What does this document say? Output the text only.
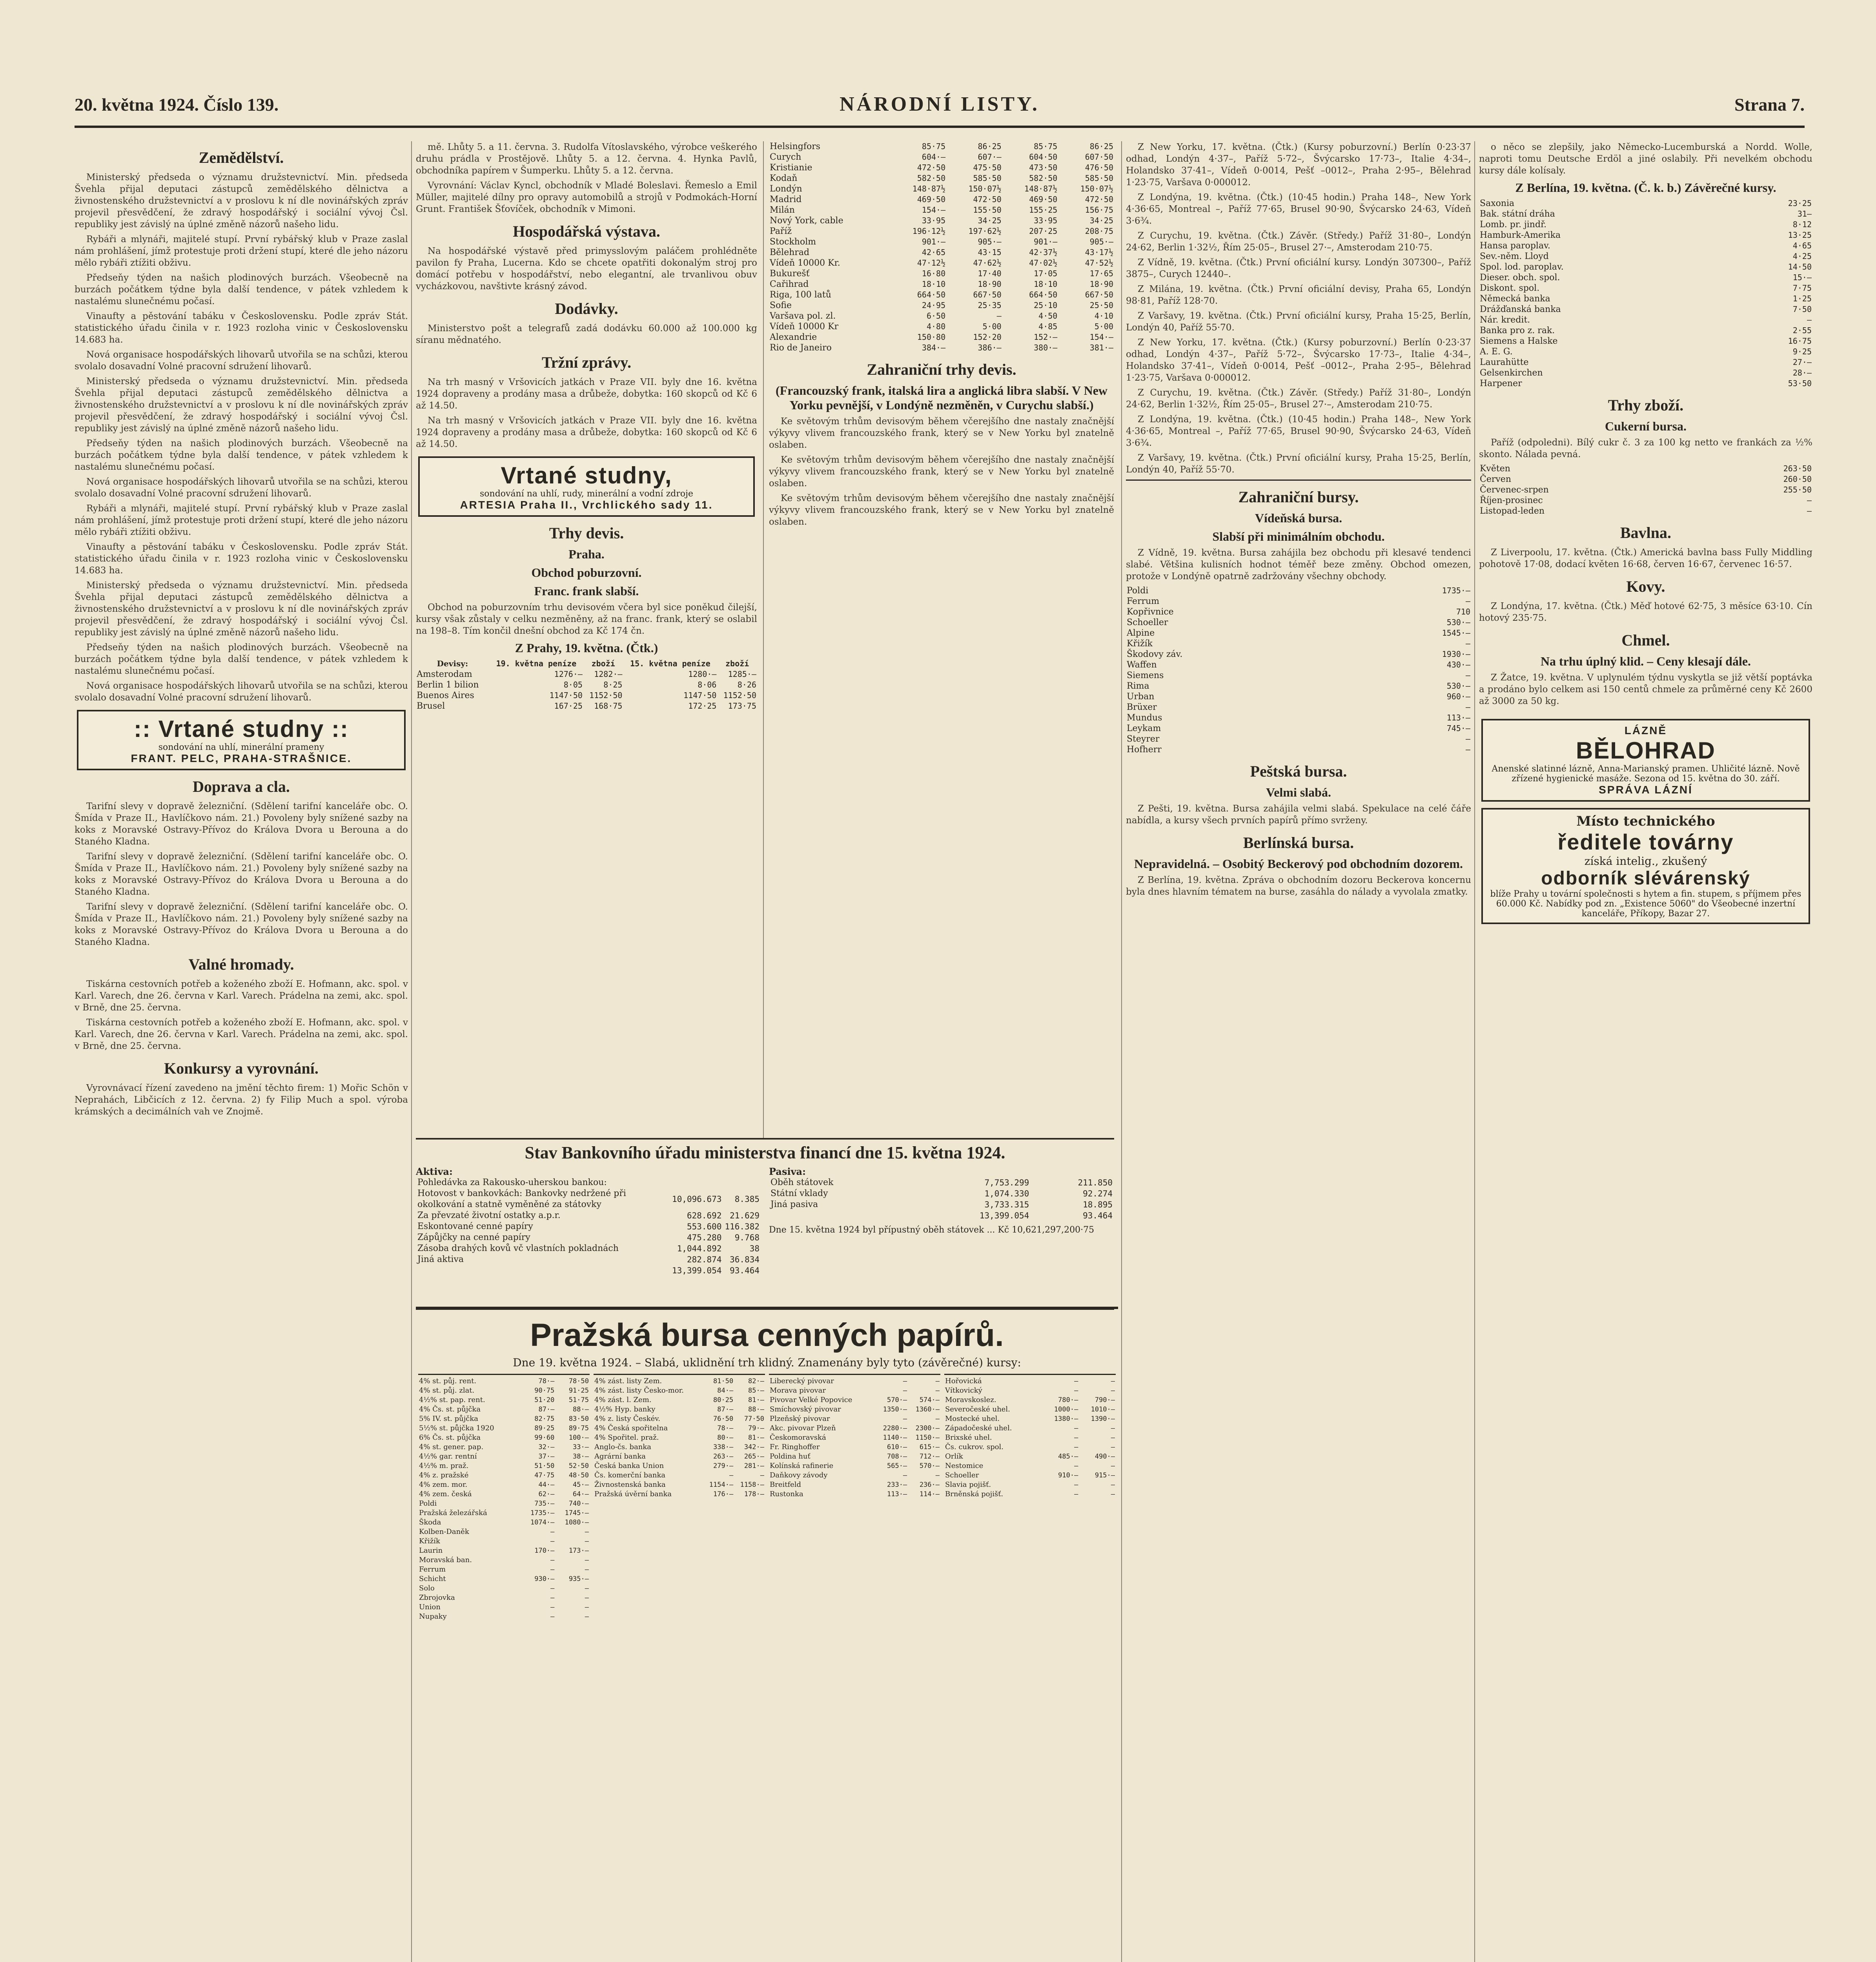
20. května 1924. Číslo 139.	NÁRODNÍ LISTY.	Strana 7.
Zemědělství.

Ministerský předseda o významu družstevnictví. Min. předseda Švehla přijal deputaci zástupců zemědělského dělnictva a živnostenského družstevnictví a v proslovu k ní dle novinářských zpráv projevil přesvědčení, že zdravý hospodářský i sociální vývoj Čsl. republiky jest závislý na úplné změně názorů našeho lidu.

Rybáři a mlynáři, majitelé stupí. První rybářský klub v Praze zaslal nám prohlášení, jímž protestuje proti držení stupí, které dle jeho názoru mělo rybáři ztížiti obživu.

Předseňy týden na našich plodinových burzách. Všeobecně na burzách počátkem týdne byla další tendence, v pátek vzhledem k nastalému slunečnému počasí.

Vinaufty a pěstování tabáku v Československu. Podle zpráv Stát. statistického úřadu činila v r. 1923 rozloha vinic v Československu 14.683 ha.

Nová organisace hospodářských lihovarů utvořila se na schůzi, kterou svolalo dosavadní Volné pracovní sdružení lihovarů.

Ministerský předseda o významu družstevnictví. Min. předseda Švehla přijal deputaci zástupců zemědělského dělnictva a živnostenského družstevnictví a v proslovu k ní dle novinářských zpráv projevil přesvědčení, že zdravý hospodářský i sociální vývoj Čsl. republiky jest závislý na úplné změně názorů našeho lidu.

Předseňy týden na našich plodinových burzách. Všeobecně na burzách počátkem týdne byla další tendence, v pátek vzhledem k nastalému slunečnému počasí.

Nová organisace hospodářských lihovarů utvořila se na schůzi, kterou svolalo dosavadní Volné pracovní sdružení lihovarů.

Rybáři a mlynáři, majitelé stupí. První rybářský klub v Praze zaslal nám prohlášení, jímž protestuje proti držení stupí, které dle jeho názoru mělo rybáři ztížiti obživu.

Vinaufty a pěstování tabáku v Československu. Podle zpráv Stát. statistického úřadu činila v r. 1923 rozloha vinic v Československu 14.683 ha.

Ministerský předseda o významu družstevnictví. Min. předseda Švehla přijal deputaci zástupců zemědělského dělnictva a živnostenského družstevnictví a v proslovu k ní dle novinářských zpráv projevil přesvědčení, že zdravý hospodářský i sociální vývoj Čsl. republiky jest závislý na úplné změně názorů našeho lidu.

Předseňy týden na našich plodinových burzách. Všeobecně na burzách počátkem týdne byla další tendence, v pátek vzhledem k nastalému slunečnému počasí.

Nová organisace hospodářských lihovarů utvořila se na schůzi, kterou svolalo dosavadní Volné pracovní sdružení lihovarů.

:: Vrtané studny ::
sondování na uhlí, minerální prameny
FRANT. PELC, PRAHA-STRAŠNICE.
Doprava a cla.

Tarifní slevy v dopravě železniční. (Sdělení tarifní kanceláře obc. O. Šmída v Praze II., Havlíčkovo nám. 21.) Povoleny byly snížené sazby na koks z Moravské Ostravy-Přívoz do Králova Dvora u Berouna a do Staného Kladna.

Tarifní slevy v dopravě železniční. (Sdělení tarifní kanceláře obc. O. Šmída v Praze II., Havlíčkovo nám. 21.) Povoleny byly snížené sazby na koks z Moravské Ostravy-Přívoz do Králova Dvora u Berouna a do Staného Kladna.

Tarifní slevy v dopravě železniční. (Sdělení tarifní kanceláře obc. O. Šmída v Praze II., Havlíčkovo nám. 21.) Povoleny byly snížené sazby na koks z Moravské Ostravy-Přívoz do Králova Dvora u Berouna a do Staného Kladna.

Valné hromady.

Tiskárna cestovních potřeb a koženého zboží E. Hofmann, akc. spol. v Karl. Varech, dne 26. června v Karl. Varech. Prádelna na zemi, akc. spol. v Brně, dne 25. června.

Tiskárna cestovních potřeb a koženého zboží E. Hofmann, akc. spol. v Karl. Varech, dne 26. června v Karl. Varech. Prádelna na zemi, akc. spol. v Brně, dne 25. června.

Konkursy a vyrovnání.

Vyrovnávací řízení zavedeno na jmění těchto firem: 1) Mořic Schön v Neprahách, Libčicích z 12. června. 2) fy Filip Much a spol. výroba krámských a decimálních vah ve Znojmě.

mě. Lhůty 5. a 11. června. 3. Rudolfa Vítoslavského, výrobce veškerého druhu prádla v Prostějově. Lhůty 5. a 12. června. 4. Hynka Pavlů, obchodníka papírem v Šumperku. Lhůty 5. a 12. června.

Vyrovnání: Václav Kyncl, obchodník v Mladé Boleslavi. Řemeslo a Emil Müller, majitelé dílny pro opravy automobilů a strojů v Podmokách-Horní Grunt. František Šťovíček, obchodník v Mimoni.

Hospodářská výstava.

Na hospodářské výstavě před primysslovým paláčem prohlédněte pavilon fy Praha, Lucerna. Kdo se chcete opatřiti dokonalým stroj pro domácí potřebu v hospodářství, nebo elegantní, ale trvanlivou obuv vycházkovou, navštivte krásný závod.

Dodávky.

Ministerstvo pošt a telegrafů zadá dodávku 60.000 až 100.000 kg síranu mědnatého.

Tržní zprávy.

Na trh masný v Vršovicích jatkách v Praze VII. byly dne 16. května 1924 dopraveny a prodány masa a drůbeže, dobytka: 160 skopců od Kč 6 až 14.50.

Na trh masný v Vršovicích jatkách v Praze VII. byly dne 16. května 1924 dopraveny a prodány masa a drůbeže, dobytka: 160 skopců od Kč 6 až 14.50.

Vrtané studny,
sondování na uhlí, rudy, minerální a vodní zdroje
ARTESIA Praha II., Vrchlického sady 11.
Trhy devis.
Praha.
Obchod poburzovní.
Franc. frank slabší.

Obchod na poburzovním trhu devisovém včera byl sice poněkud čilejší, kursy však zůstaly v celku nezměněny, až na franc. frank, který se oslabil na 198–8. Tím končil dnešní obchod za Kč 174 čn.

Z Prahy, 19. května. (Čtk.)
Devisy:	19. května peníze	zboží	15. května peníze	zboží
Amsterodam	1276·—	1282·—	1280·—	1285·—
Berlin 1 bilion	8·05	8·25	8·06	8·26
Buenos Aires	1147·50	1152·50	1147·50	1152·50
Brusel	167·25	168·75	172·25	173·75
Helsingfors	85·75	86·25	85·75	86·25
Curych	604·—	607·—	604·50	607·50
Kristianie	472·50	475·50	473·50	476·50
Kodaň	582·50	585·50	582·50	585·50
Londýn	148·87½	150·07½	148·87½	150·07½
Madrid	469·50	472·50	469·50	472·50
Milán	154·—	155·50	155·25	156·75
Nový York, cable	33·95	34·25	33·95	34·25
Paříž	196·12½	197·62½	207·25	208·75
Stockholm	901·—	905·—	901·—	905·—
Bělehrad	42·65	43·15	42·37½	43·17½
Vídeň 10000 Kr.	47·12½	47·62½	47·02½	47·52½
Bukurešť	16·80	17·40	17·05	17·65
Cařihrad	18·10	18·90	18·10	18·90
Riga, 100 latů	664·50	667·50	664·50	667·50
Sofie	24·95	25·35	25·10	25·50
Varšava pol. zl.	6·50	—	4·50	4·10
Vídeň 10000 Kr	4·80	5·00	4·85	5·00
Alexandrie	150·80	152·20	152·—	154·—
Rio de Janeiro	384·—	386·—	380·—	381·—
Zahraniční trhy devis.
(Francouzský frank, italská lira a anglická libra slabší. V New Yorku pevnější, v Londýně nezměněn, v Curychu slabší.)

Ke světovým trhům devisovým během včerejšího dne nastaly značnější výkyvy vlivem francouzského frank, který se v New Yorku byl znatelně oslaben.

Ke světovým trhům devisovým během včerejšího dne nastaly značnější výkyvy vlivem francouzského frank, který se v New Yorku byl znatelně oslaben.

Ke světovým trhům devisovým během včerejšího dne nastaly značnější výkyvy vlivem francouzského frank, který se v New Yorku byl znatelně oslaben.

Stav Bankovního úřadu ministerstva financí dne 15. května 1924.
Aktiva:
Pohledávka za Rakousko-uherskou bankou:		
Hotovost v bankovkách: Bankovky nedržené při okolkování a statně vyměněné za státovky	10,096.673	8.385
Za převzaté životní ostatky a.p.r.	628.692	21.629
Eskontované cenné papíry	553.600	116.382
Zápůjčky na cenné papíry	475.280	9.768
Zásoba drahých kovů vč vlastních pokladnách	1,044.892	38
Jiná aktiva	282.874	36.834
	13,399.054	93.464
Pasiva:
Oběh státovek	7,753.299	211.850
Státní vklady	1,074.330	92.274
Jiná pasiva	3,733.315	18.895
	13,399.054	93.464
Dne 15. května 1924 byl přípustný oběh státovek ... Kč 10,621,297,200·75
Pražská bursa cenných papírů.
Dne 19. května 1924. – Slabá, uklidnění trh klidný. Znamenány byly tyto (závěrečné) kursy:
4% st. půj. rent.	78·—	78·50
4% st. půj. zlat.	90·75	91·25
4½% st. pap. rent.	51·20	51·75
4% Čs. st. půjčka	87·—	88·—
5% IV. st. půjčka	82·75	83·50
5½% st. půjčka 1920	89·25	89·75
6% Čs. st. půjčka	99·60	100·—
4% st. gener. pap.	32·—	33·—
4½% gar. rentní	37·—	38·—
4½% m. praž.	51·50	52·50
4% z. pražské	47·75	48·50
4% zem. mor.	44·—	45·—
4% zem. česká	62·—	64·—
Poldi	735·—	740·—
Pražská železářská	1735·—	1745·—
Škoda	1074·—	1080·—
Kolben-Daněk	—	—
Křižík	—	—
Laurin	170·—	173·—
Moravská ban.	—	—
Ferrum	—	—
Schicht	930·—	935·—
Solo	—	—
Zbrojovka	—	—
Union	—	—
Nupaky	—	—
4% zást. listy Zem.	81·50	82·—
4% zást. listy Česko-mor.	84·—	85·—
4% zást. l. Zem.	80·25	81·—
4½% Hyp. banky	87·—	88·—
4% z. listy Českév.	76·50	77·50
4% Česká spořitelna	78·—	79·—
4% Spořitel. praž.	80·—	81·—
Anglo-čs. banka	338·—	342·—
Agrární banka	263·—	265·—
Česká banka Union	279·—	281·—
Čs. komerční banka	—	—
Živnostenská banka	1154·—	1158·—
Pražská úvěrní banka	176·—	178·—
Liberecký pivovar	—	—
Morava pivovar	—	—
Pivovar Velké Popovice	570·—	574·—
Smíchovský pivovar	1350·—	1360·—
Plzeňský pivovar	—	—
Akc. pivovar Plzeň	2280·—	2300·—
Českomoravská	1140·—	1150·—
Fr. Ringhoffer	610·—	615·—
Poldina huť	708·—	712·—
Kolínská rafinerie	565·—	570·—
Daňkovy závody	—	—
Breitfeld	233·—	236·—
Rustonka	113·—	114·—
Hořovická	—	—
Vítkovický	—	—
Moravskoslez.	780·—	790·—
Severočeské uhel.	1000·—	1010·—
Mostecké uhel.	1380·—	1390·—
Západočeské uhel.	—	—
Brixské uhel.	—	—
Čs. cukrov. spol.	—	—
Orlík	485·—	490·—
Nestomice	—	—
Schoeller	910·—	915·—
Slavia pojišť.	—	—
Brněnská pojišť.	—	—

Z New Yorku, 17. května. (Čtk.) (Kursy poburzovní.) Berlín 0·23·37 odhad, Londýn 4·37–, Paříž 5·72–, Švýcarsko 17·73–, Italie 4·34–, Holandsko 37·41–, Vídeň 0·0014, Pešť –0012–, Praha 2·95–, Bělehrad 1·23·75, Varšava 0·000012.

Z Londýna, 19. května. (Čtk.) (10·45 hodin.) Praha 148–, New York 4·36·65, Montreal –, Paříž 77·65, Brusel 90·90, Švýcarsko 24·63, Vídeň 3·6¾.

Z Curychu, 19. května. (Čtk.) Závěr. (Středy.) Paříž 31·80–, Londýn 24·62, Berlin 1·32½, Řím 25·05–, Brusel 27·–, Amsterodam 210·75.

Z Vídně, 19. května. (Čtk.) První oficiální kursy. Londýn 307300–, Paříž 3875–, Curych 12440–.

Z Milána, 19. května. (Čtk.) První oficiální devisy, Praha 65, Londýn 98·81, Paříž 128·70.

Z Varšavy, 19. května. (Čtk.) První oficiální kursy, Praha 15·25, Berlín, Londýn 40, Paříž 55·70.

Z New Yorku, 17. května. (Čtk.) (Kursy poburzovní.) Berlín 0·23·37 odhad, Londýn 4·37–, Paříž 5·72–, Švýcarsko 17·73–, Italie 4·34–, Holandsko 37·41–, Vídeň 0·0014, Pešť –0012–, Praha 2·95–, Bělehrad 1·23·75, Varšava 0·000012.

Z Curychu, 19. května. (Čtk.) Závěr. (Středy.) Paříž 31·80–, Londýn 24·62, Berlin 1·32½, Řím 25·05–, Brusel 27·–, Amsterodam 210·75.

Z Londýna, 19. května. (Čtk.) (10·45 hodin.) Praha 148–, New York 4·36·65, Montreal –, Paříž 77·65, Brusel 90·90, Švýcarsko 24·63, Vídeň 3·6¾.

Z Varšavy, 19. května. (Čtk.) První oficiální kursy, Praha 15·25, Berlín, Londýn 40, Paříž 55·70.

Zahraniční bursy.
Vídeňská bursa.
Slabší při minimálním obchodu.

Z Vídně, 19. května. Bursa zahájila bez obchodu při klesavé tendenci slabé. Většina kulisních hodnot téměř beze změny. Obchod omezen, protože v Londýně opatrně zadržovány všechny obchody.

Poldi	1735·—
Ferrum	—
Kopřivnice	710
Schoeller	530·—
Alpine	1545·—
Křižík	—
Škodovy záv.	1930·—
Waffen	430·—
Siemens	—
Rima	530·—
Urban	960·—
Brüxer	—
Mundus	113·—
Leykam	745·—
Steyrer	—
Hofherr	—
Peštská bursa.
Velmi slabá.

Z Pešti, 19. května. Bursa zahájila velmi slabá. Spekulace na celé čáře nabídla, a kursy všech prvních papírů přímo svrženy.

Berlínská bursa.
Nepravidelná. – Osobitý Beckerový pod obchodním dozorem.

Z Berlína, 19. května. Zpráva o obchodním dozoru Beckerova koncernu byla dnes hlavním tématem na burse, zasáhla do nálady a vyvolala zmatky.

o něco se zlepšily, jako Německo-Lucemburská a Nordd. Wolle, naproti tomu Deutsche Erdöl a jiné oslabily. Při nevelkém obchodu kursy dále kolísaly.

Z Berlína, 19. května. (Č. k. b.) Závěrečné kursy.
Saxonia	23·25
Bak. státní dráha	31–
Lomb. pr. jindř.	8·12
Hamburk-Amerika	13·25
Hansa paroplav.	4·65
Sev.-něm. Lloyd	4·25
Spol. lod. paroplav.	14·50
Dieser. obch. spol.	15·–
Diskont. spol.	7·75
Německá banka	1·25
Drážďanská banka	7·50
Nár. kredit.	–
Banka pro z. rak.	2·55
Siemens a Halske	16·75
A. E. G.	9·25
Laurahütte	27·–
Gelsenkirchen	28·–
Harpener	53·50
Trhy zboží.
Cukerní bursa.

Paříž (odpoledni). Bílý cukr č. 3 za 100 kg netto ve frankách za ½% skonto. Nálada pevná.

Květen	263·50
Červen	260·50
Červenec-srpen	255·50
Říjen-prosinec	—
Listopad-leden	—
Bavlna.

Z Liverpoolu, 17. května. (Čtk.) Americká bavlna bass Fully Middling pohotově 17·08, dodací květen 16·68, červen 16·67, červenec 16·57.

Kovy.

Z Londýna, 17. května. (Čtk.) Měď hotové 62·75, 3 měsíce 63·10. Cín hotový 235·75.

Chmel.
Na trhu úplný klid. – Ceny klesají dále.

Z Žatce, 19. května. V uplynulém týdnu vyskytla se již větší poptávka a prodáno bylo celkem asi 150 centů chmele za průměrné ceny Kč 2600 až 3000 za 50 kg.

LÁZNĚ
BĚLOHRAD
Anenské slatinné lázně, Anna-Marianský pramen. Uhličité lázně. Nově zřízené hygienické masáže. Sezona od 15. května do 30. září.
SPRÁVA LÁZNÍ
Místo technického
ředitele továrny
získá intelig., zkušený
odborník slévárenský
blíže Prahy u tovární společnosti s hytem a fin. stupem, s příjmem přes 60.000 Kč. Nabídky pod zn. „Existence 5060" do Všeobecné inzertní kanceláře, Příkopy, Bazar 27.
